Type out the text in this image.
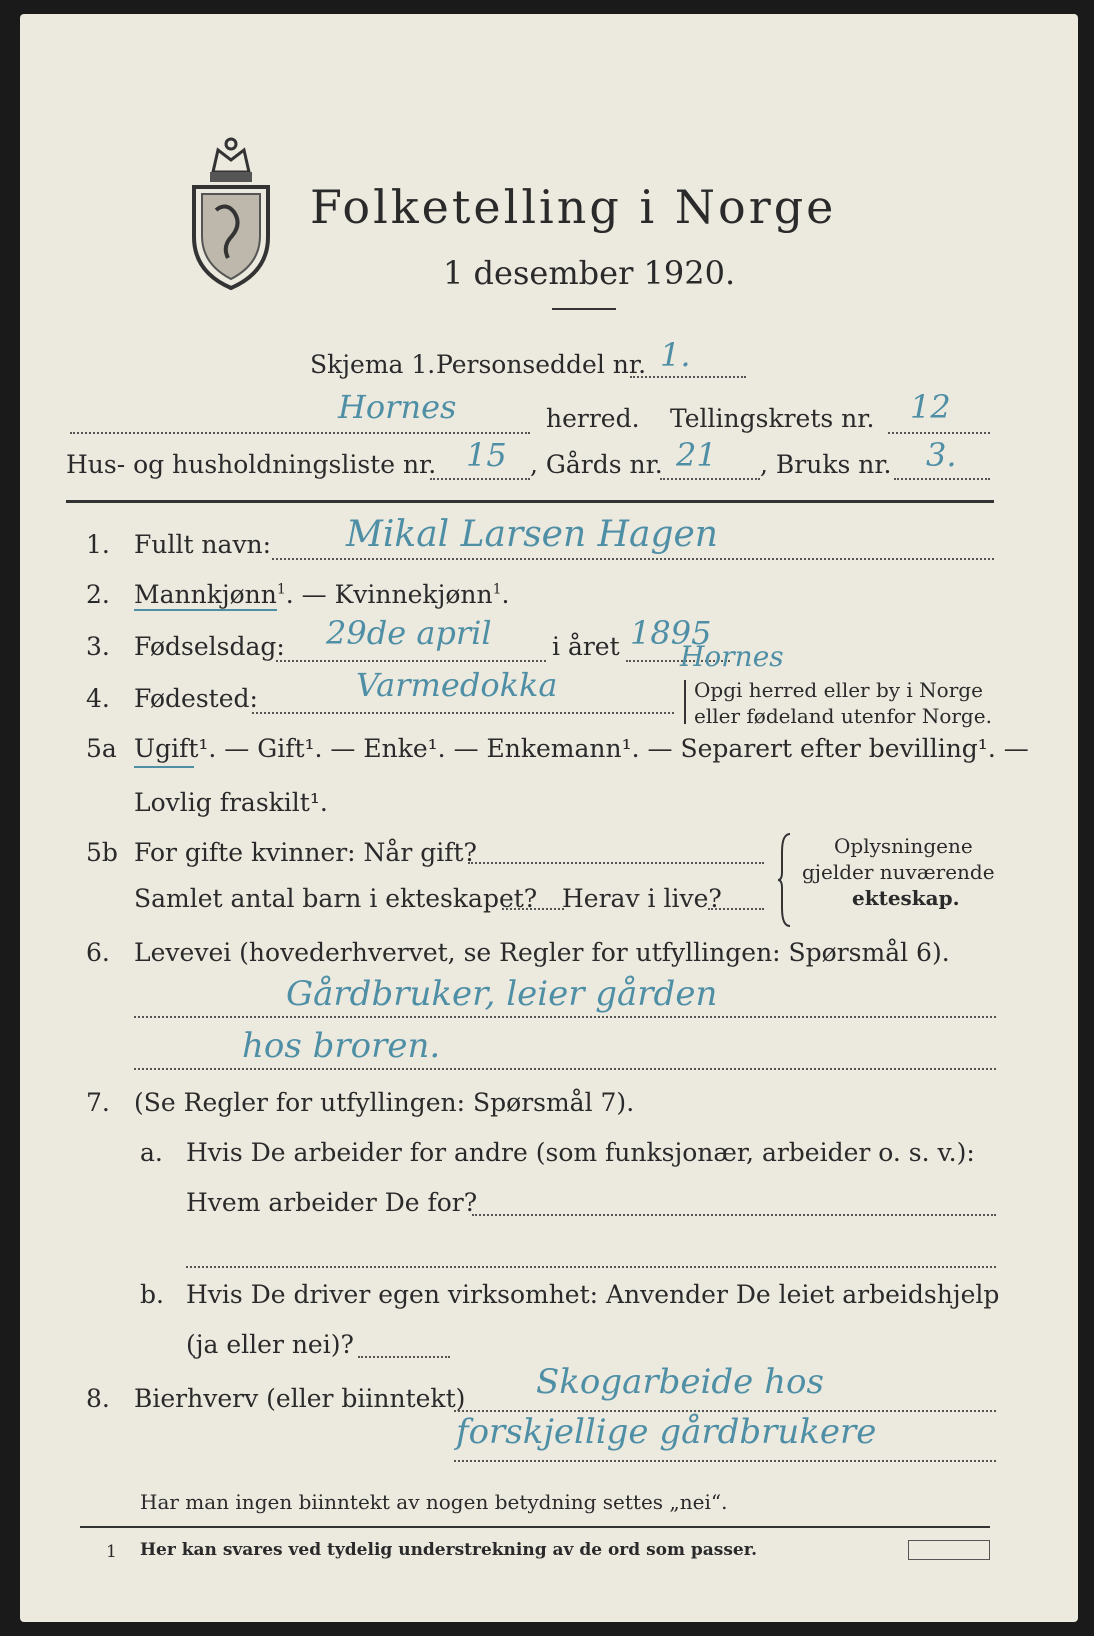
Folketelling i Norge
1 desember 1920.
Skjema 1. Personseddel nr. 1.
Hornes	herred. Tellingskrets nr. 12
Hus- og husholdningsliste nr. 15 , Gårds nr. 21 , Bruks nr. 3.
1. Fullt navn: Mikal Larsen Hagen
2. Mannkjønn$^1$. — Kvinnekjønn$^1$.
3. Fødselsdag: 29de april i året 1895
4. Fødested:	Varmedokka
Hornes
Opgi herred eller by i Norge
eller fødeland utenfor Norge.
5a Ugift¹. — Gift¹. — Enke¹. — Enkemann¹. — Separert efter bevilling¹. —
Lovlig fraskilt¹.
5b For gifte kvinner: Når gift?
Samlet antal barn i ekteskapet? Herav i live?
Oplysningene
gjelder nuværende
ekteskap.
6. Levevei (hovederhvervet, se Regler for utfyllingen: Spørsmål 6).
Gårdbruker, leier gården
hos broren.
7. (Se Regler for utfyllingen: Spørsmål 7).
a. Hvis De arbeider for andre (som funksjonær, arbeider o. s. v.):
Hvem arbeider De for?
b. Hvis De driver egen virksomhet: Anvender De leiet arbeidshjelp
(ja eller nei)?
8. Bierhverv (eller biinntekt) Skogarbeide hos
forskjellige gårdbrukere
Har man ingen biinntekt av nogen betydning settes „nei“.
1 Her kan svares ved tydelig understrekning av de ord som passer.
